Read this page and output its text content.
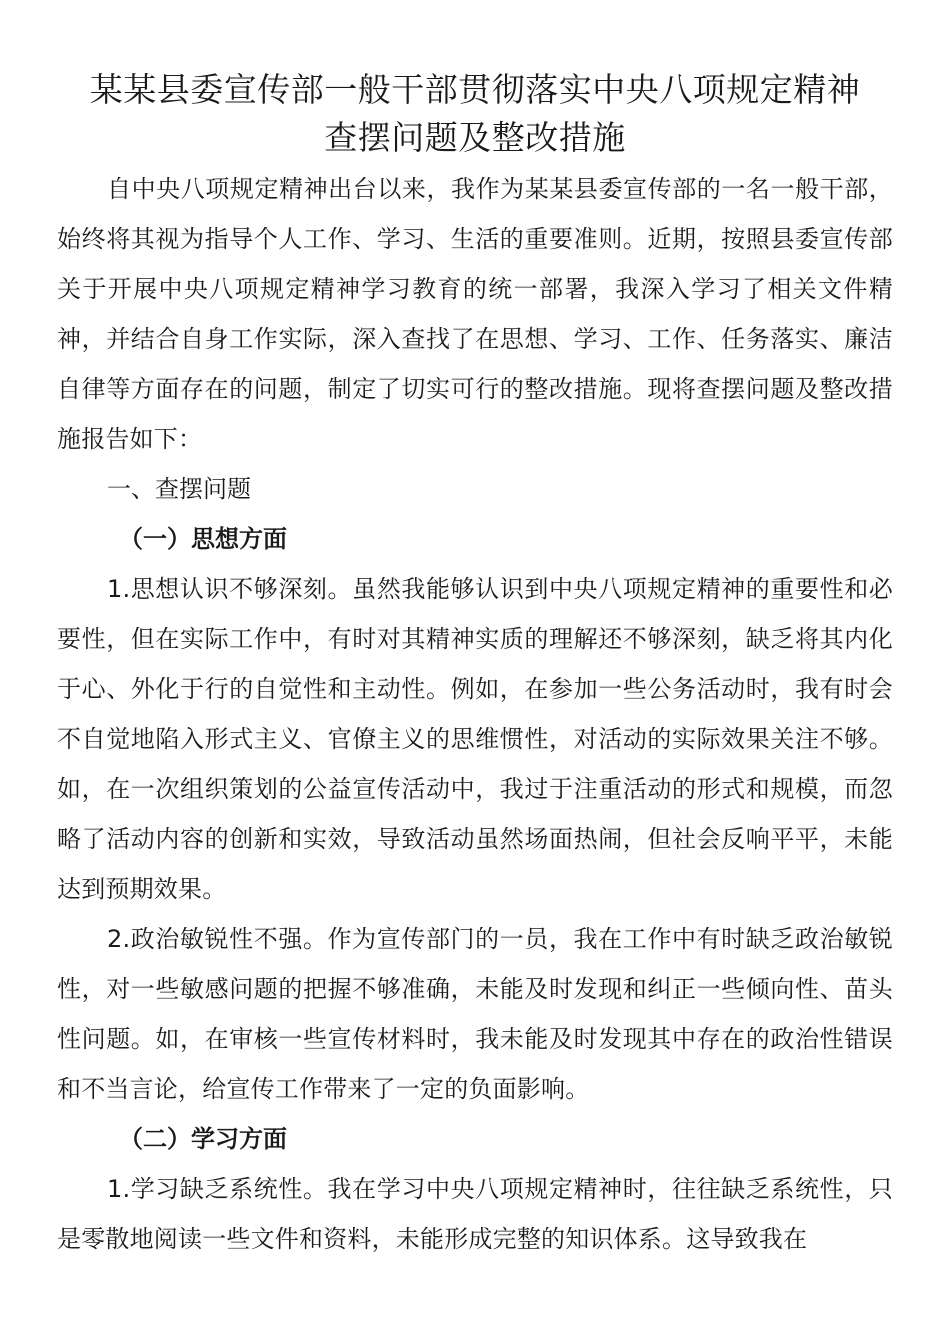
某某县委宣传部一般干部贯彻落实中央八项规定精神
查摆问题及整改措施

自中央八项规定精神出台以来，我作为某某县委宣传部的一名一般干部，始终将其视为指导个人工作、学习、生活的重要准则。近期，按照县委宣传部关于开展中央八项规定精神学习教育的统一部署，我深入学习了相关文件精神，并结合自身工作实际，深入查找了在思想、学习、工作、任务落实、廉洁自律等方面存在的问题，制定了切实可行的整改措施。现将查摆问题及整改措施报告如下：

一、查摆问题

（一）思想方面

1.思想认识不够深刻。虽然我能够认识到中央八项规定精神的重要性和必要性，但在实际工作中，有时对其精神实质的理解还不够深刻，缺乏将其内化于心、外化于行的自觉性和主动性。例如，在参加一些公务活动时，我有时会不自觉地陷入形式主义、官僚主义的思维惯性，对活动的实际效果关注不够。如，在一次组织策划的公益宣传活动中，我过于注重活动的形式和规模，而忽略了活动内容的创新和实效，导致活动虽然场面热闹，但社会反响平平，未能达到预期效果。

2.政治敏锐性不强。作为宣传部门的一员，我在工作中有时缺乏政治敏锐性，对一些敏感问题的把握不够准确，未能及时发现和纠正一些倾向性、苗头性问题。如，在审核一些宣传材料时，我未能及时发现其中存在的政治性错误和不当言论，给宣传工作带来了一定的负面影响。

（二）学习方面

1.学习缺乏系统性。我在学习中央八项规定精神时，往往缺乏系统性，只是零散地阅读一些文件和资料，未能形成完整的知识体系。这导致我在
